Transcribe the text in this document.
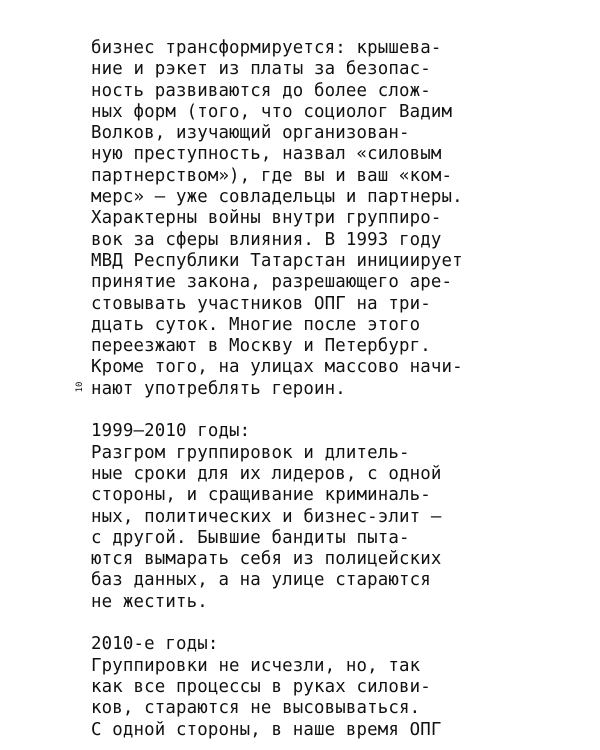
10
бизнес трансформируется: крышева-
ние и рэкет из платы за безопас-
ность развиваются до более слож-
ных форм (того, что социолог Вадим
Волков, изучающий организован-
ную преступность, назвал «силовым
партнерством»), где вы и ваш «ком-
мерс» — уже совладельцы и партнеры.
Характерны войны внутри группиро-
вок за сферы влияния. В 1993 году
МВД Республики Татарстан инициирует
принятие закона, разрешающего аре-
стовывать участников ОПГ на три-
дцать суток. Многие после этого
переезжают в Москву и Петербург.
Кроме того, на улицах массово начи-
нают употреблять героин.
1999–2010 годы:
Разгром группировок и длитель-
ные сроки для их лидеров, с одной
стороны, и сращивание криминаль-
ных, политических и бизнес-элит —
с другой. Бывшие бандиты пыта-
ются вымарать себя из полицейских
баз данных, а на улице стараются
не жестить.
2010-е годы:
Группировки не исчезли, но, так
как все процессы в руках силови-
ков, стараются не высовываться.
С одной стороны, в наше время ОПГ
